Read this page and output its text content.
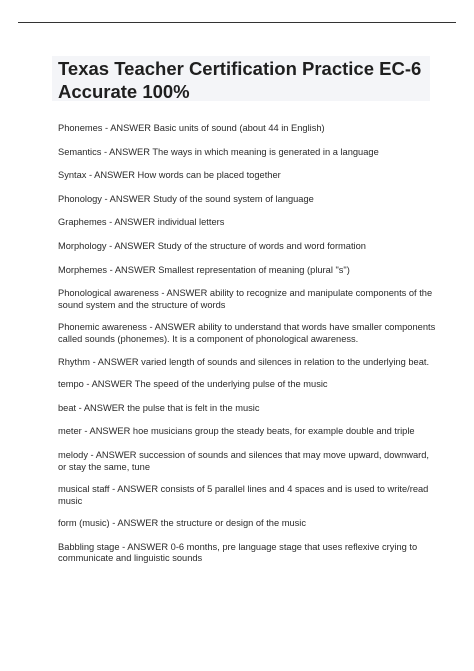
Texas Teacher Certification Practice EC-6 Accurate 100%
Phonemes - ANSWER Basic units of sound (about 44 in English)
Semantics - ANSWER The ways in which meaning is generated in a language
Syntax - ANSWER How words can be placed together
Phonology - ANSWER Study of the sound system of language
Graphemes - ANSWER individual letters
Morphology - ANSWER Study of the structure of words and word formation
Morphemes - ANSWER Smallest representation of meaning (plural "s")
Phonological awareness - ANSWER ability to recognize and manipulate components of the sound system and the structure of words
Phonemic awareness - ANSWER ability to understand that words have smaller components called sounds (phonemes). It is a component of phonological awareness.
Rhythm - ANSWER varied length of sounds and silences in relation to the underlying beat.
tempo - ANSWER The speed of the underlying pulse of the music
beat - ANSWER the pulse that is felt in the music
meter - ANSWER hoe musicians group the steady beats, for example double and triple
melody - ANSWER succession of sounds and silences that may move upward, downward, or stay the same, tune
musical staff - ANSWER consists of 5 parallel lines and 4 spaces and is used to write/read music
form (music) - ANSWER the structure or design of the music
Babbling stage - ANSWER 0-6 months, pre language stage that uses reflexive crying to communicate and linguistic sounds
